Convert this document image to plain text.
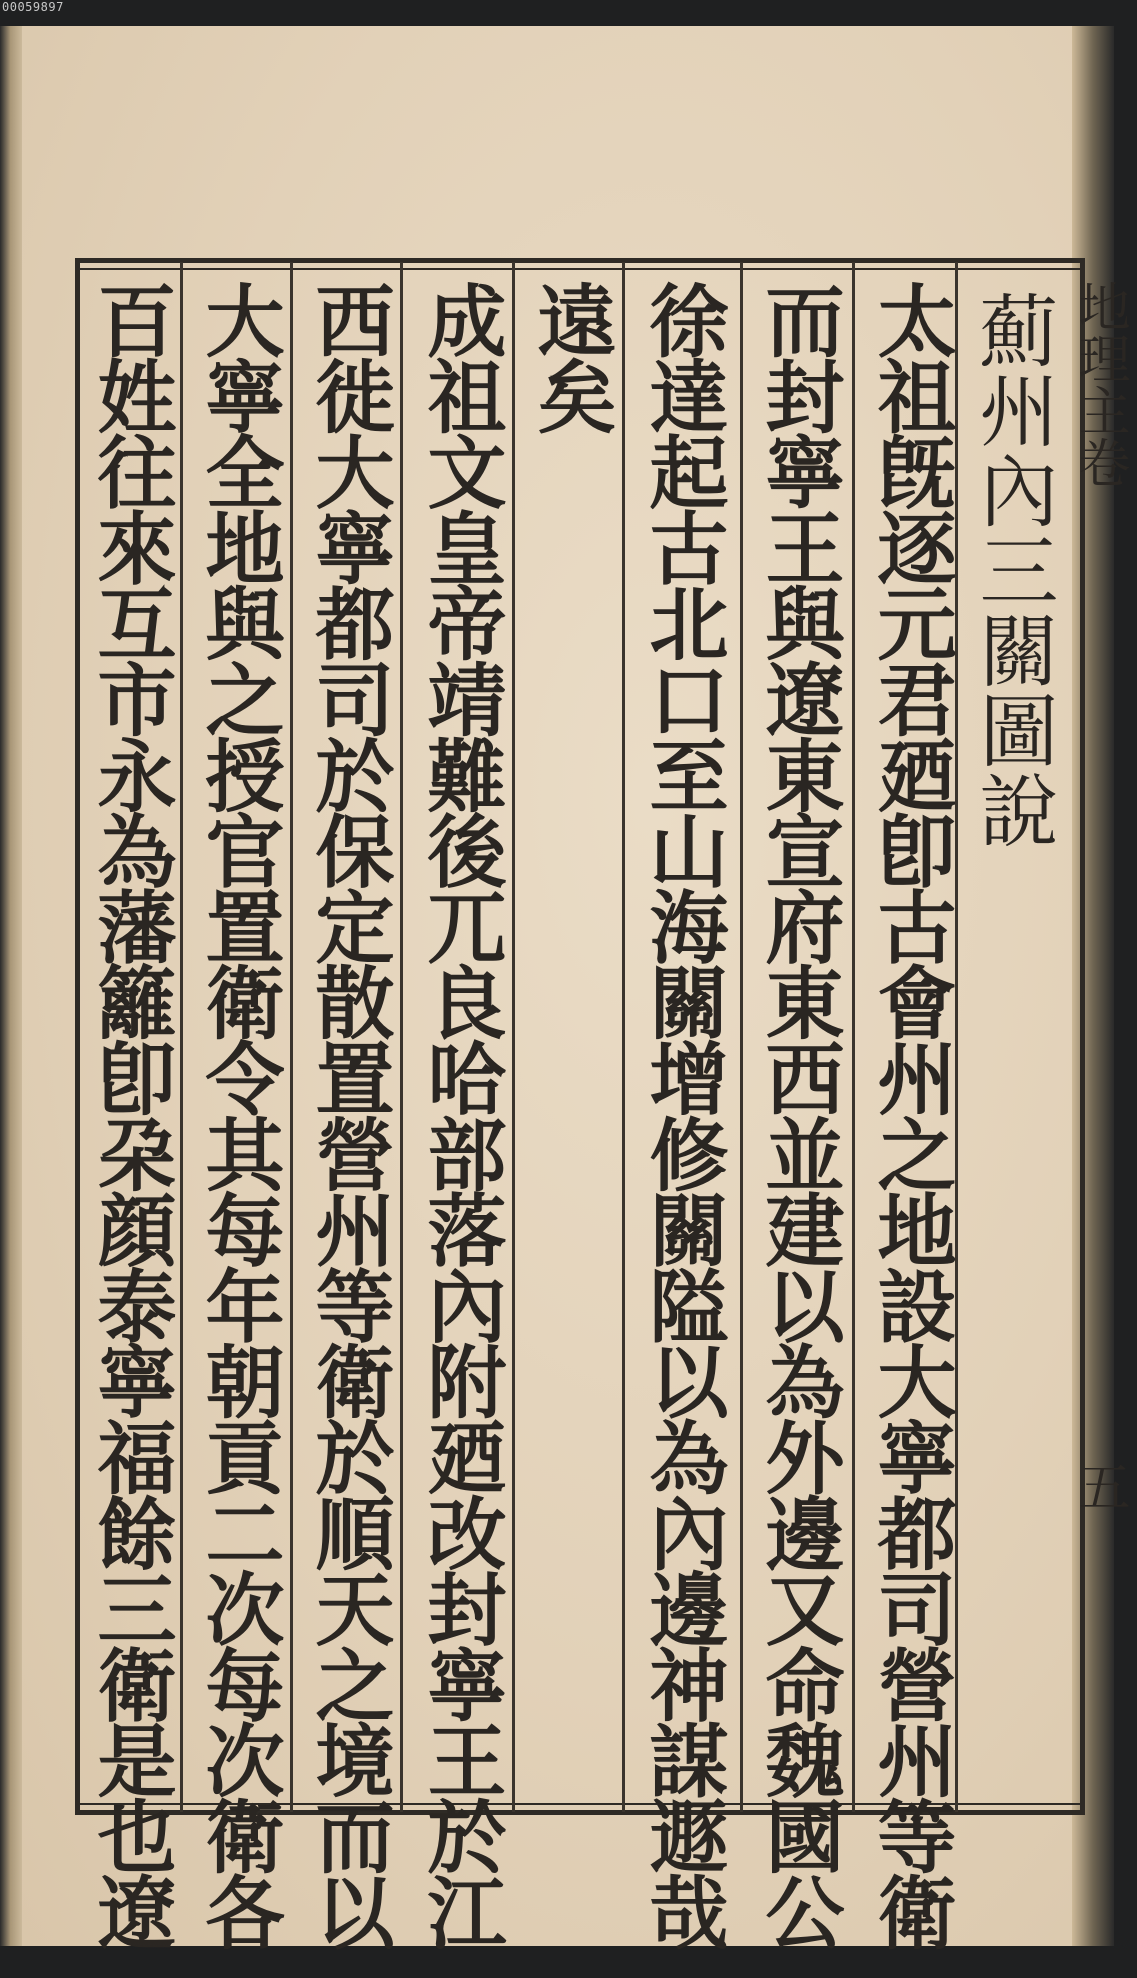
00059897
地理主卷
五
薊州內三關圖說
太祖旣逐元君廼卽古會州之地設大寧都司營州等衛
而封寧王與遼東宣府東西並建以為外邊又命魏國公
徐達起古北口至山海關增修關隘以為內邊神謀遯哉
遠矣
成祖文皇帝靖難後兀良哈部落內附廼改封寧王於江
西徙大寧都司於保定散置營州等衛於順天之境而以
大寧全地與之授官置衛令其每年朝貢二次每次衛各
百姓往來互市永為藩籬卽朶顔泰寧福餘三衛是也遼
